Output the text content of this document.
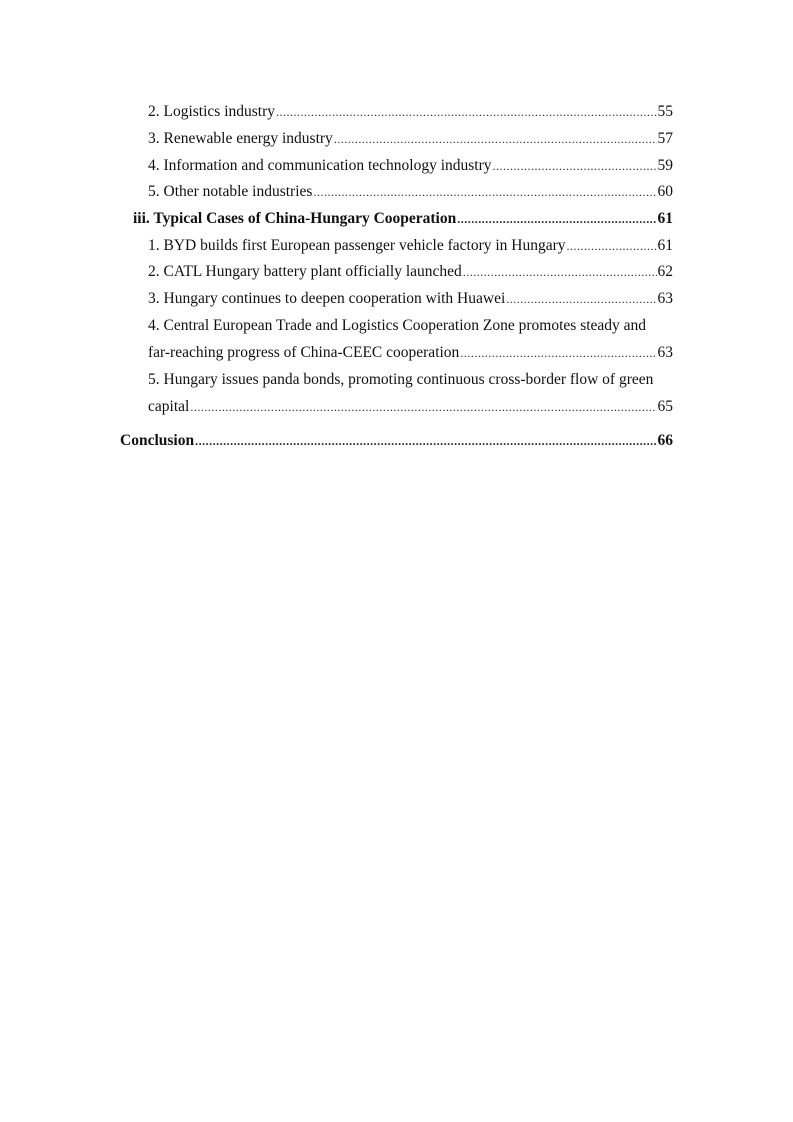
2. Logistics industry .....	55
3. Renewable energy industry .....	57
4. Information and communication technology industry .....	59
5. Other notable industries .....	60
iii. Typical Cases of China-Hungary Cooperation .....	61
1. BYD builds first European passenger vehicle factory in Hungary .....	61
2. CATL Hungary battery plant officially launched .....	62
3. Hungary continues to deepen cooperation with Huawei .....	63
4. Central European Trade and Logistics Cooperation Zone promotes steady and
far-reaching progress of China-CEEC cooperation .....	63
5. Hungary issues panda bonds, promoting continuous cross-border flow of green
capital .....	65
Conclusion .....	66
